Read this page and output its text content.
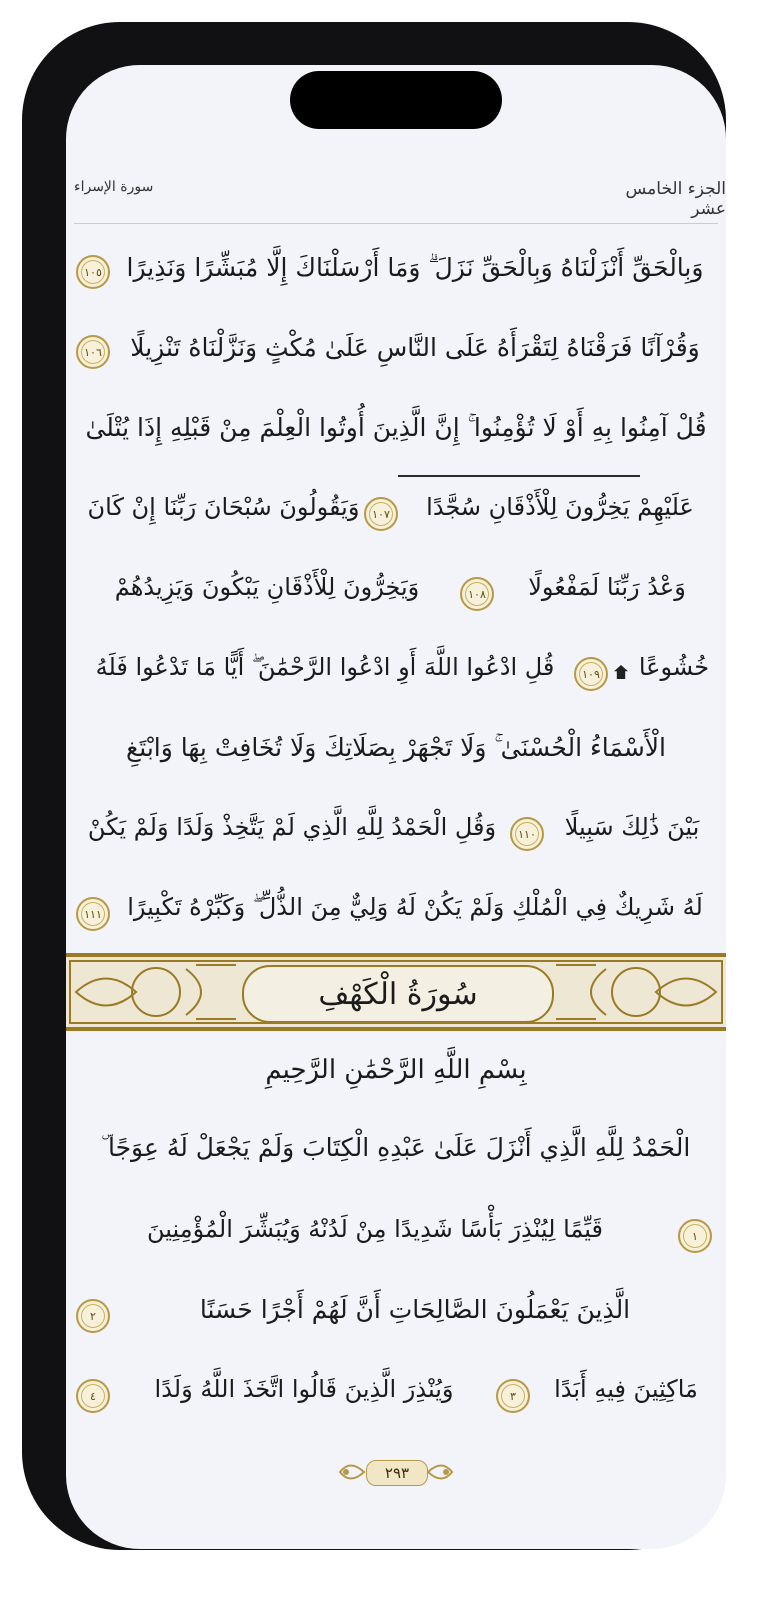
الجزء الخامس عشر
سورة الإسراء
وَبِالْحَقِّ أَنْزَلْنَاهُ وَبِالْحَقِّ نَزَلَ ۗ وَمَا أَرْسَلْنَاكَ إِلَّا مُبَشِّرًا وَنَذِيرًا
١٠٥
وَقُرْآنًا فَرَقْنَاهُ لِتَقْرَأَهُ عَلَى النَّاسِ عَلَىٰ مُكْثٍ وَنَزَّلْنَاهُ تَنْزِيلًا
١٠٦
قُلْ آمِنُوا بِهِ أَوْ لَا تُؤْمِنُوا ۚ إِنَّ الَّذِينَ أُوتُوا الْعِلْمَ مِنْ قَبْلِهِ إِذَا يُتْلَىٰ
وَيَقُولُونَ سُبْحَانَ رَبِّنَا إِنْ كَانَ	١٠٧	عَلَيْهِمْ يَخِرُّونَ لِلْأَذْقَانِ سُجَّدًا
وَيَخِرُّونَ لِلْأَذْقَانِ يَبْكُونَ وَيَزِيدُهُمْ	١٠٨	وَعْدُ رَبِّنَا لَمَفْعُولًا
قُلِ ادْعُوا اللَّهَ أَوِ ادْعُوا الرَّحْمَٰنَ ۖ أَيًّا مَا تَدْعُوا فَلَهُ	١٠٩	خُشُوعًا
الْأَسْمَاءُ الْحُسْنَىٰ ۚ وَلَا تَجْهَرْ بِصَلَاتِكَ وَلَا تُخَافِتْ بِهَا وَابْتَغِ
وَقُلِ الْحَمْدُ لِلَّهِ الَّذِي لَمْ يَتَّخِذْ وَلَدًا وَلَمْ يَكُنْ	١١٠	بَيْنَ ذَٰلِكَ سَبِيلًا
لَهُ شَرِيكٌ فِي الْمُلْكِ وَلَمْ يَكُنْ لَهُ وَلِيٌّ مِنَ الذُّلِّ ۖ وَكَبِّرْهُ تَكْبِيرًا
١١١
سُورَةُ الْكَهْفِ
بِسْمِ اللَّهِ الرَّحْمَٰنِ الرَّحِيمِ
الْحَمْدُ لِلَّهِ الَّذِي أَنْزَلَ عَلَىٰ عَبْدِهِ الْكِتَابَ وَلَمْ يَجْعَلْ لَهُ عِوَجًا ۜ
قَيِّمًا لِيُنْذِرَ بَأْسًا شَدِيدًا مِنْ لَدُنْهُ وَيُبَشِّرَ الْمُؤْمِنِينَ	١
الَّذِينَ يَعْمَلُونَ الصَّالِحَاتِ أَنَّ لَهُمْ أَجْرًا حَسَنًا
٢
وَيُنْذِرَ الَّذِينَ قَالُوا اتَّخَذَ اللَّهُ وَلَدًا	٣	مَاكِثِينَ فِيهِ أَبَدًا
٤
٢٩٣
